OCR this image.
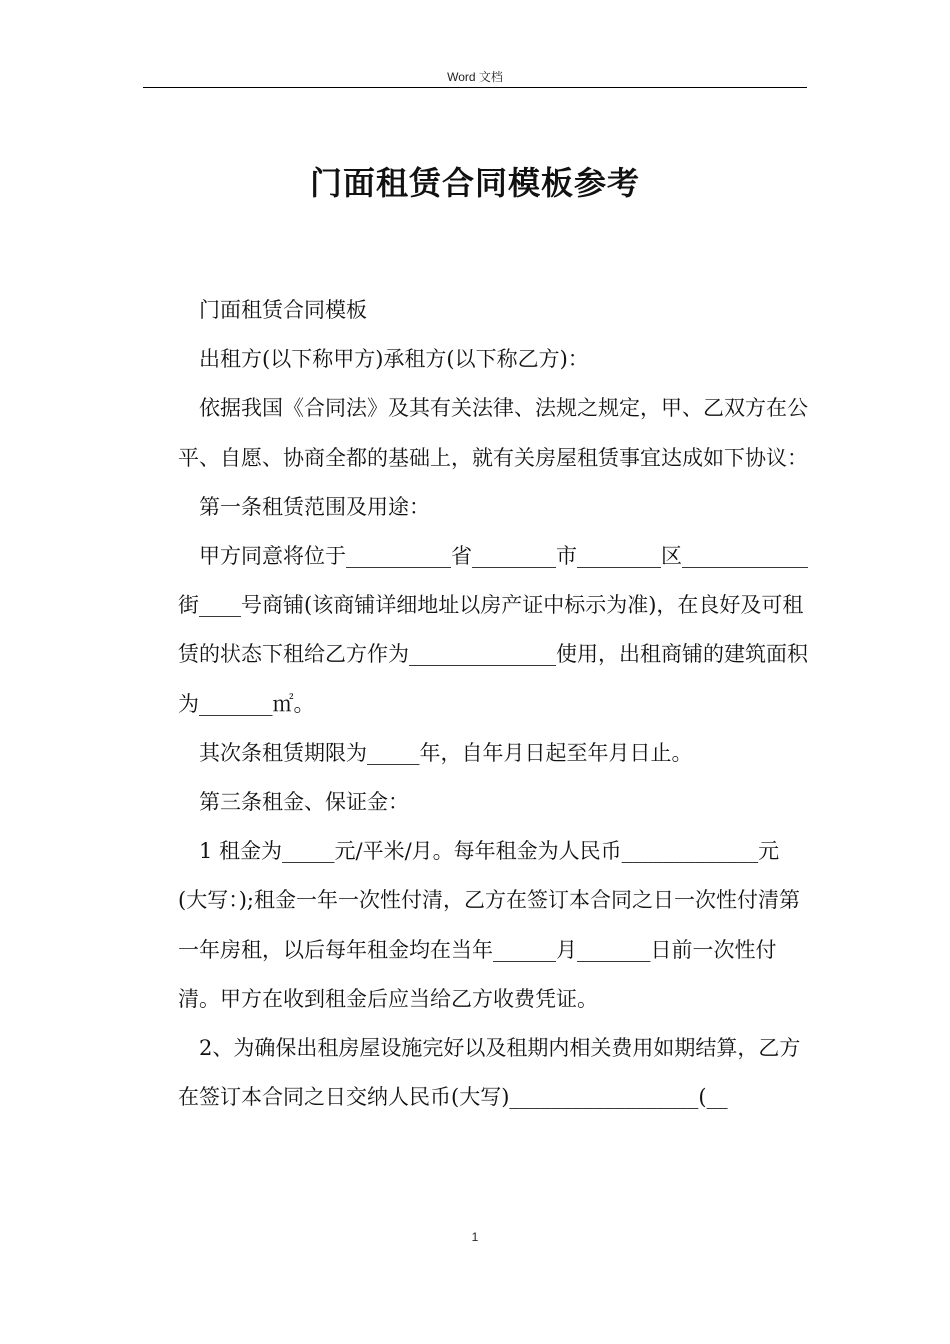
Word 文档
门面租赁合同模板参考

门面租赁合同模板

出租方(以下称甲方)承租方(以下称乙方)：

依据我国《合同法》及其有关法律、法规之规定，甲、乙双方在公平、自愿、协商全都的基础上，就有关房屋租赁事宜达成如下协议：

第一条租赁范围及用途：

甲方同意将位于__________省________市________区____________街____号商铺(该商铺详细地址以房产证中标示为准)，在良好及可租赁的状态下租给乙方作为______________使用，出租商铺的建筑面积为_______㎡。

其次条租赁期限为_____年，自年月日起至年月日止。

第三条租金、保证金：

1 租金为_____元/平米/月。每年租金为人民币_____________元(大写：);租金一年一次性付清，乙方在签订本合同之日一次性付清第一年房租，以后每年租金均在当年______月_______日前一次性付清。甲方在收到租金后应当给乙方收费凭证。

2、为确保出租房屋设施完好以及租期内相关费用如期结算，乙方在签订本合同之日交纳人民币(大写)__________________(__

1
